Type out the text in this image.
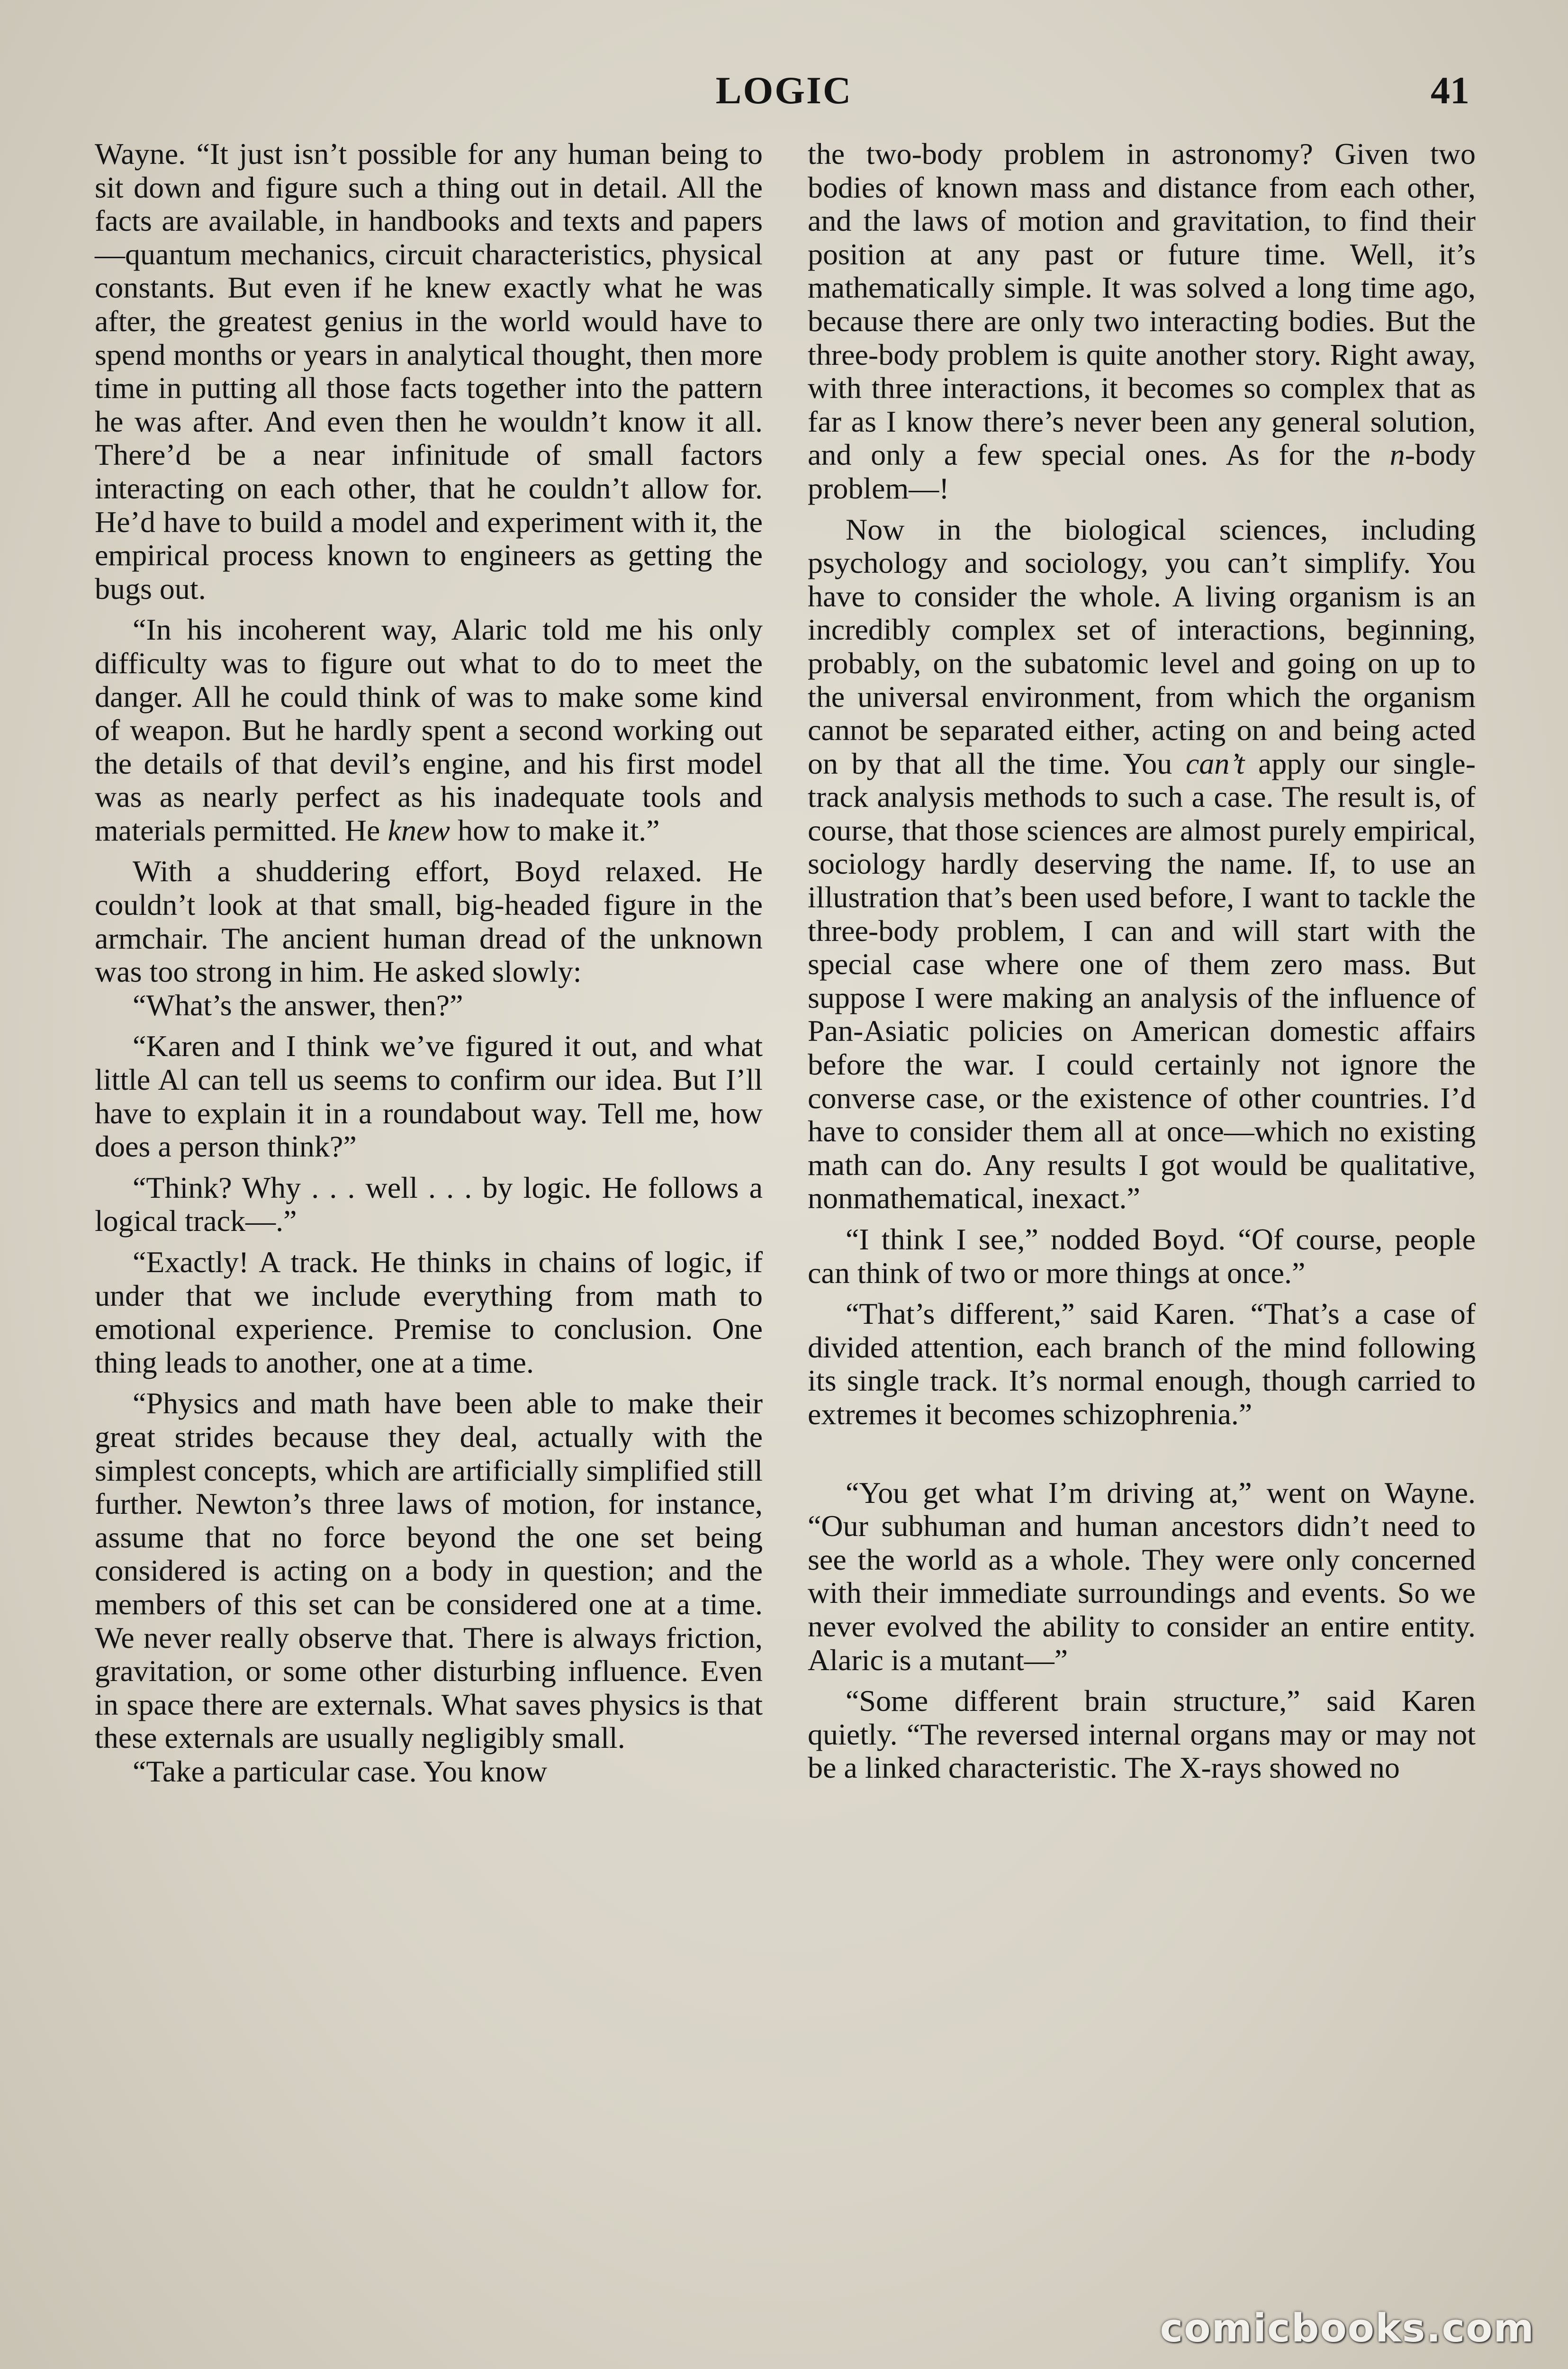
LOGIC	41

Wayne. “It just isn’t possible for any human being to sit down and figure such a thing out in detail. All the facts are available, in handbooks and texts and papers—quantum mechanics, circuit characteristics, physical constants. But even if he knew exactly what he was after, the greatest genius in the world would have to spend months or years in analytical thought, then more time in putting all those facts together into the pattern he was after. And even then he wouldn’t know it all. There’d be a near infinitude of small factors interacting on each other, that he couldn’t allow for. He’d have to build a model and experiment with it, the empirical process known to engineers as getting the bugs out.

“In his incoherent way, Alaric told me his only difficulty was to figure out what to do to meet the danger. All he could think of was to make some kind of weapon. But he hardly spent a second working out the details of that devil’s engine, and his first model was as nearly perfect as his inadequate tools and materials permitted. He knew how to make it.”

With a shuddering effort, Boyd relaxed. He couldn’t look at that small, big-headed figure in the armchair. The ancient human dread of the unknown was too strong in him. He asked slowly:

“What’s the answer, then?”

“Karen and I think we’ve figured it out, and what little Al can tell us seems to confirm our idea. But I’ll have to explain it in a roundabout way. Tell me, how does a person think?”

“Think? Why . . . well . . . by logic. He follows a logical track—.”

“Exactly! A track. He thinks in chains of logic, if under that we include everything from math to emotional experience. Premise to conclusion. One thing leads to another, one at a time.

“Physics and math have been able to make their great strides because they deal, actually with the simplest concepts, which are artificially simplified still further. Newton’s three laws of motion, for instance, assume that no force beyond the one set being considered is acting on a body in question; and the members of this set can be considered one at a time. We never really observe that. There is always friction, gravitation, or some other disturbing influence. Even in space there are externals. What saves physics is that these externals are usually negligibly small.

“Take a particular case. You know

the two-body problem in astronomy? Given two bodies of known mass and distance from each other, and the laws of motion and gravitation, to find their position at any past or future time. Well, it’s mathematically simple. It was solved a long time ago, because there are only two interacting bodies. But the three-body problem is quite another story. Right away, with three interactions, it becomes so complex that as far as I know there’s never been any general solution, and only a few special ones. As for the n-body problem—!

Now in the biological sciences, including psychology and sociology, you can’t simplify. You have to consider the whole. A living organism is an incredibly complex set of interactions, beginning, probably, on the subatomic level and going on up to the universal environment, from which the organism cannot be separated either, acting on and being acted on by that all the time. You can’t apply our single-track analysis methods to such a case. The result is, of course, that those sciences are almost purely empirical, sociology hardly deserving the name. If, to use an illustration that’s been used before, I want to tackle the three-body problem, I can and will start with the special case where one of them zero mass. But suppose I were making an analysis of the influence of Pan-Asiatic policies on American domestic affairs before the war. I could certainly not ignore the converse case, or the existence of other countries. I’d have to consider them all at once—which no existing math can do. Any results I got would be qualitative, nonmathematical, inexact.”

“I think I see,” nodded Boyd. “Of course, people can think of two or more things at once.”

“That’s different,” said Karen. “That’s a case of divided attention, each branch of the mind following its single track. It’s normal enough, though carried to extremes it becomes schizophrenia.”

“You get what I’m driving at,” went on Wayne. “Our subhuman and human ancestors didn’t need to see the world as a whole. They were only concerned with their immediate surroundings and events. So we never evolved the ability to consider an entire entity. Alaric is a mutant—”

“Some different brain structure,” said Karen quietly. “The reversed internal organs may or may not be a linked characteristic. The X-rays showed no

comicbooks.com
